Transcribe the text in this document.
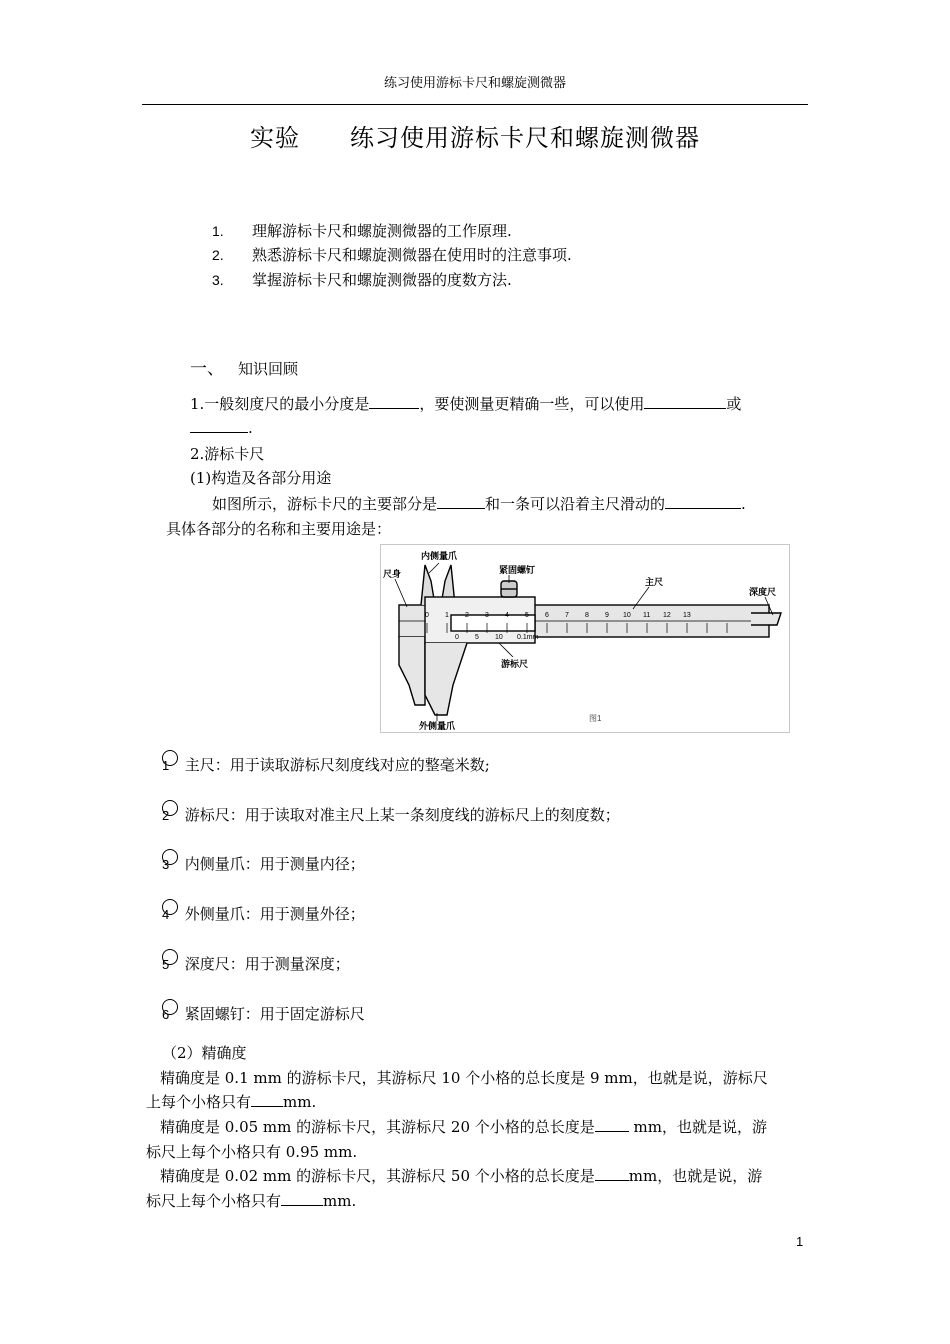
练习使用游标卡尺和螺旋测微器
实验 练习使用游标卡尺和螺旋测微器
1. 理解游标卡尺和螺旋测微器的工作原理.
2. 熟悉游标卡尺和螺旋测微器在使用时的注意事项.
3. 掌握游标卡尺和螺旋测微器的度数方法.
一、 知识回顾
1.一般刻度尺的最小分度是	，要使测量更精确一些，可以使用	或
.
2.游标卡尺
(1)构造及各部分用途
如图所示，游标卡尺的主要部分是	和一条可以沿着主尺滑动的	.
具体各部分的名称和主要用途是：
0 1 2 3 4 5 6 7 8 9 10 11 12 13
0 5 10 0.1mm
内侧量爪
尺身	紧固螺钉
主尺
深度尺
游标尺
外侧量爪
图1
1 主尺：用于读取游标尺刻度线对应的整毫米数;
2 游标尺：用于读取对准主尺上某一条刻度线的游标尺上的刻度数；
3 内侧量爪：用于测量内径；
4 外侧量爪：用于测量外径；
5 深度尺：用于测量深度；
6 紧固螺钉：用于固定游标尺
（2）精确度
精确度是 0.1 mm 的游标卡尺，其游标尺 10 个小格的总长度是 9 mm，也就是说，游标尺
上每个小格只有 mm.
精确度是 0.05 mm 的游标卡尺，其游标尺 20 个小格的总长度是 mm，也就是说，游
标尺上每个小格只有 0.95 mm.
精确度是 0.02 mm 的游标卡尺，其游标尺 50 个小格的总长度是 mm，也就是说，游
标尺上每个小格只有	mm.
1
